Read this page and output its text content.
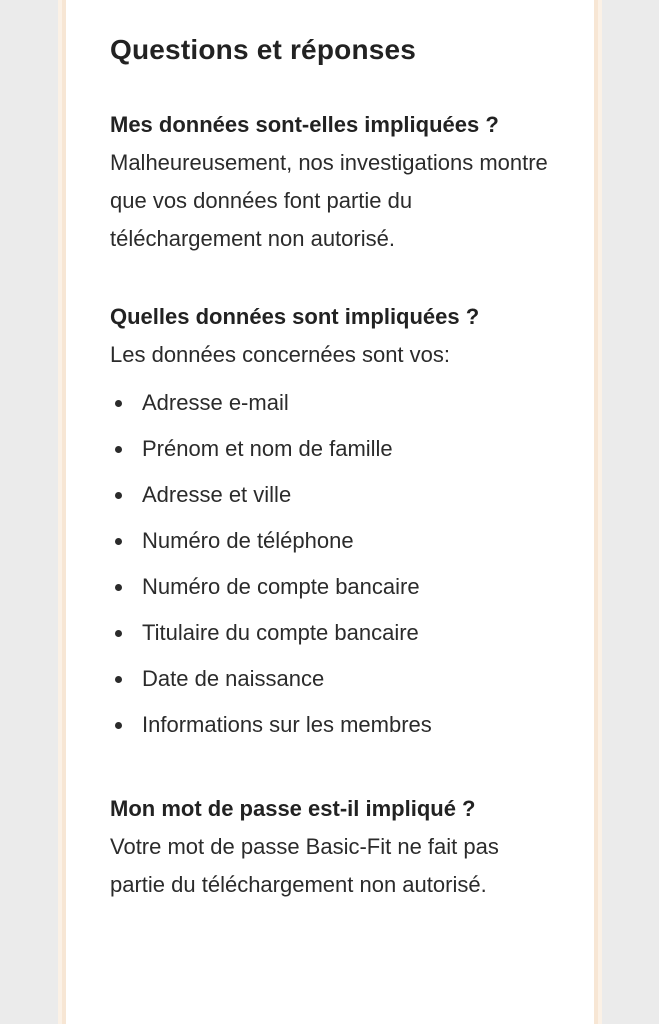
Questions et réponses
Mes données sont-elles impliquées ?
Malheureusement, nos investigations montre que vos données font partie du téléchargement non autorisé.
Quelles données sont impliquées ?
Les données concernées sont vos:
Adresse e-mail
Prénom et nom de famille
Adresse et ville
Numéro de téléphone
Numéro de compte bancaire
Titulaire du compte bancaire
Date de naissance
Informations sur les membres
Mon mot de passe est-il impliqué ?
Votre mot de passe Basic-Fit ne fait pas partie du téléchargement non autorisé.
